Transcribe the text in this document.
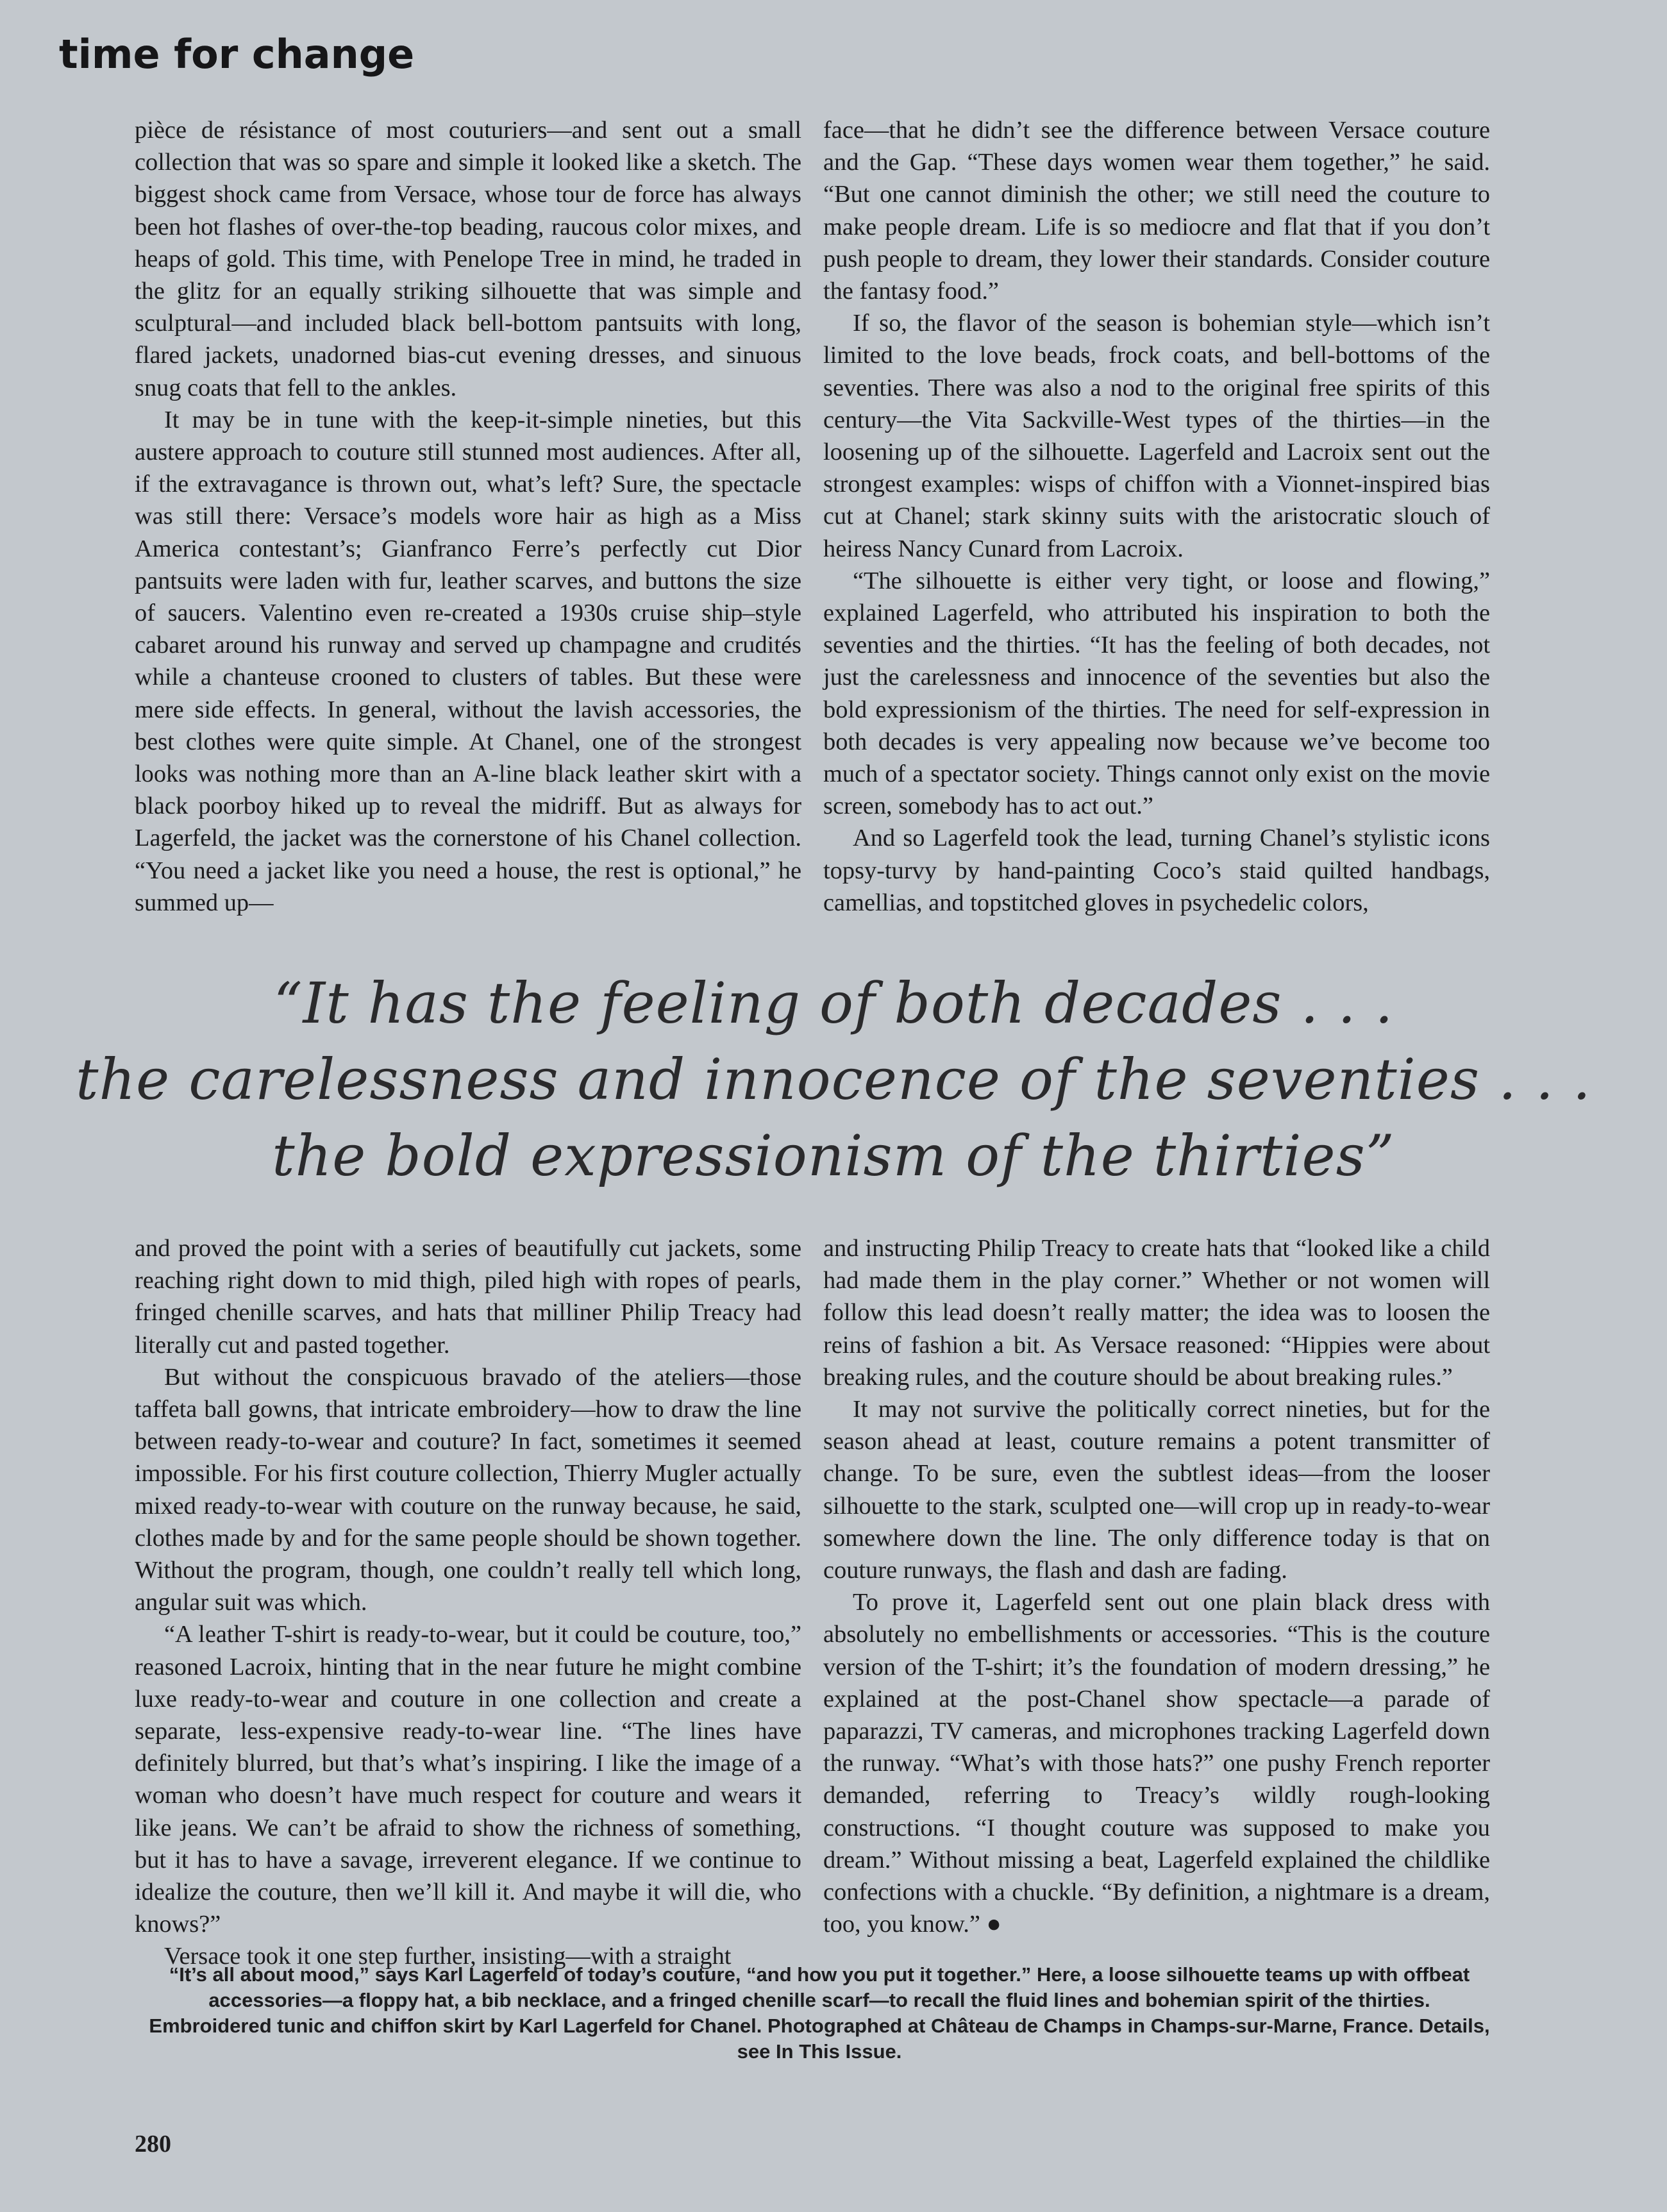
time for change

pièce de résistance of most couturiers—and sent out a small collection that was so spare and simple it looked like a sketch. The biggest shock came from Versace, whose tour de force has always been hot flashes of over-the-top beading, raucous color mixes, and heaps of gold. This time, with Penelope Tree in mind, he traded in the glitz for an equally striking silhouette that was simple and sculptural—and included black bell-bottom pantsuits with long, flared jackets, unadorned bias-cut evening dresses, and sinuous snug coats that fell to the ankles.

It may be in tune with the keep-it-simple nineties, but this austere approach to couture still stunned most audiences. After all, if the extravagance is thrown out, what’s left? Sure, the spectacle was still there: Versace’s models wore hair as high as a Miss America contestant’s; Gianfranco Ferre’s perfectly cut Dior pantsuits were laden with fur, leather scarves, and buttons the size of saucers. Valentino even re-created a 1930s cruise ship–style cabaret around his runway and served up champagne and crudités while a chanteuse crooned to clusters of tables. But these were mere side effects. In general, without the lavish accessories, the best clothes were quite simple. At Chanel, one of the strongest looks was nothing more than an A-line black leather skirt with a black poorboy hiked up to reveal the midriff. But as always for Lagerfeld, the jacket was the cornerstone of his Chanel collection. “You need a jacket like you need a house, the rest is optional,” he summed up—

face—that he didn’t see the difference between Versace couture and the Gap. “These days women wear them together,” he said. “But one cannot diminish the other; we still need the couture to make people dream. Life is so mediocre and flat that if you don’t push people to dream, they lower their standards. Consider couture the fantasy food.”

If so, the flavor of the season is bohemian style—which isn’t limited to the love beads, frock coats, and bell-bottoms of the seventies. There was also a nod to the original free spirits of this century—the Vita Sackville-West types of the thirties—in the loosening up of the silhouette. Lagerfeld and Lacroix sent out the strongest examples: wisps of chiffon with a Vionnet-inspired bias cut at Chanel; stark skinny suits with the aristocratic slouch of heiress Nancy Cunard from Lacroix.

“The silhouette is either very tight, or loose and flowing,” explained Lagerfeld, who attributed his inspiration to both the seventies and the thirties. “It has the feeling of both decades, not just the carelessness and innocence of the seventies but also the bold expressionism of the thirties. The need for self-expression in both decades is very appealing now because we’ve become too much of a spectator society. Things cannot only exist on the movie screen, somebody has to act out.”

And so Lagerfeld took the lead, turning Chanel’s stylistic icons topsy-turvy by hand-painting Coco’s staid quilted handbags, camellias, and topstitched gloves in psychedelic colors,

“It has the feeling of both decades . . .
the carelessness and innocence of the seventies . . .
the bold expressionism of the thirties”

and proved the point with a series of beautifully cut jackets, some reaching right down to mid thigh, piled high with ropes of pearls, fringed chenille scarves, and hats that milliner Philip Treacy had literally cut and pasted together.

But without the conspicuous bravado of the ateliers—those taffeta ball gowns, that intricate embroidery—how to draw the line between ready-to-wear and couture? In fact, sometimes it seemed impossible. For his first couture collection, Thierry Mugler actually mixed ready-to-wear with couture on the runway because, he said, clothes made by and for the same people should be shown together. Without the program, though, one couldn’t really tell which long, angular suit was which.

“A leather T-shirt is ready-to-wear, but it could be couture, too,” reasoned Lacroix, hinting that in the near future he might combine luxe ready-to-wear and couture in one collection and create a separate, less-expensive ready-to-wear line. “The lines have definitely blurred, but that’s what’s inspiring. I like the image of a woman who doesn’t have much respect for couture and wears it like jeans. We can’t be afraid to show the richness of something, but it has to have a savage, irreverent elegance. If we continue to idealize the couture, then we’ll kill it. And maybe it will die, who knows?”

Versace took it one step further, insisting—with a straight

and instructing Philip Treacy to create hats that “looked like a child had made them in the play corner.” Whether or not women will follow this lead doesn’t really matter; the idea was to loosen the reins of fashion a bit. As Versace reasoned: “Hippies were about breaking rules, and the couture should be about breaking rules.”

It may not survive the politically correct nineties, but for the season ahead at least, couture remains a potent transmitter of change. To be sure, even the subtlest ideas—from the looser silhouette to the stark, sculpted one—will crop up in ready-to-wear somewhere down the line. The only difference today is that on couture runways, the flash and dash are fading.

To prove it, Lagerfeld sent out one plain black dress with absolutely no embellishments or accessories. “This is the couture version of the T-shirt; it’s the foundation of modern dressing,” he explained at the post-Chanel show spectacle—a parade of paparazzi, TV cameras, and microphones tracking Lagerfeld down the runway. “What’s with those hats?” one pushy French reporter demanded, referring to Treacy’s wildly rough-looking constructions. “I thought couture was supposed to make you dream.” Without missing a beat, Lagerfeld explained the childlike confections with a chuckle. “By definition, a nightmare is a dream, too, you know.” ●

“It’s all about mood,” says Karl Lagerfeld of today’s couture, “and how you put it together.” Here, a loose silhouette teams up with offbeat accessories—a floppy hat, a bib necklace, and a fringed chenille scarf—to recall the fluid lines and bohemian spirit of the thirties. Embroidered tunic and chiffon skirt by Karl Lagerfeld for Chanel. Photographed at Château de Champs in Champs-sur-Marne, France. Details, see In This Issue.
280
